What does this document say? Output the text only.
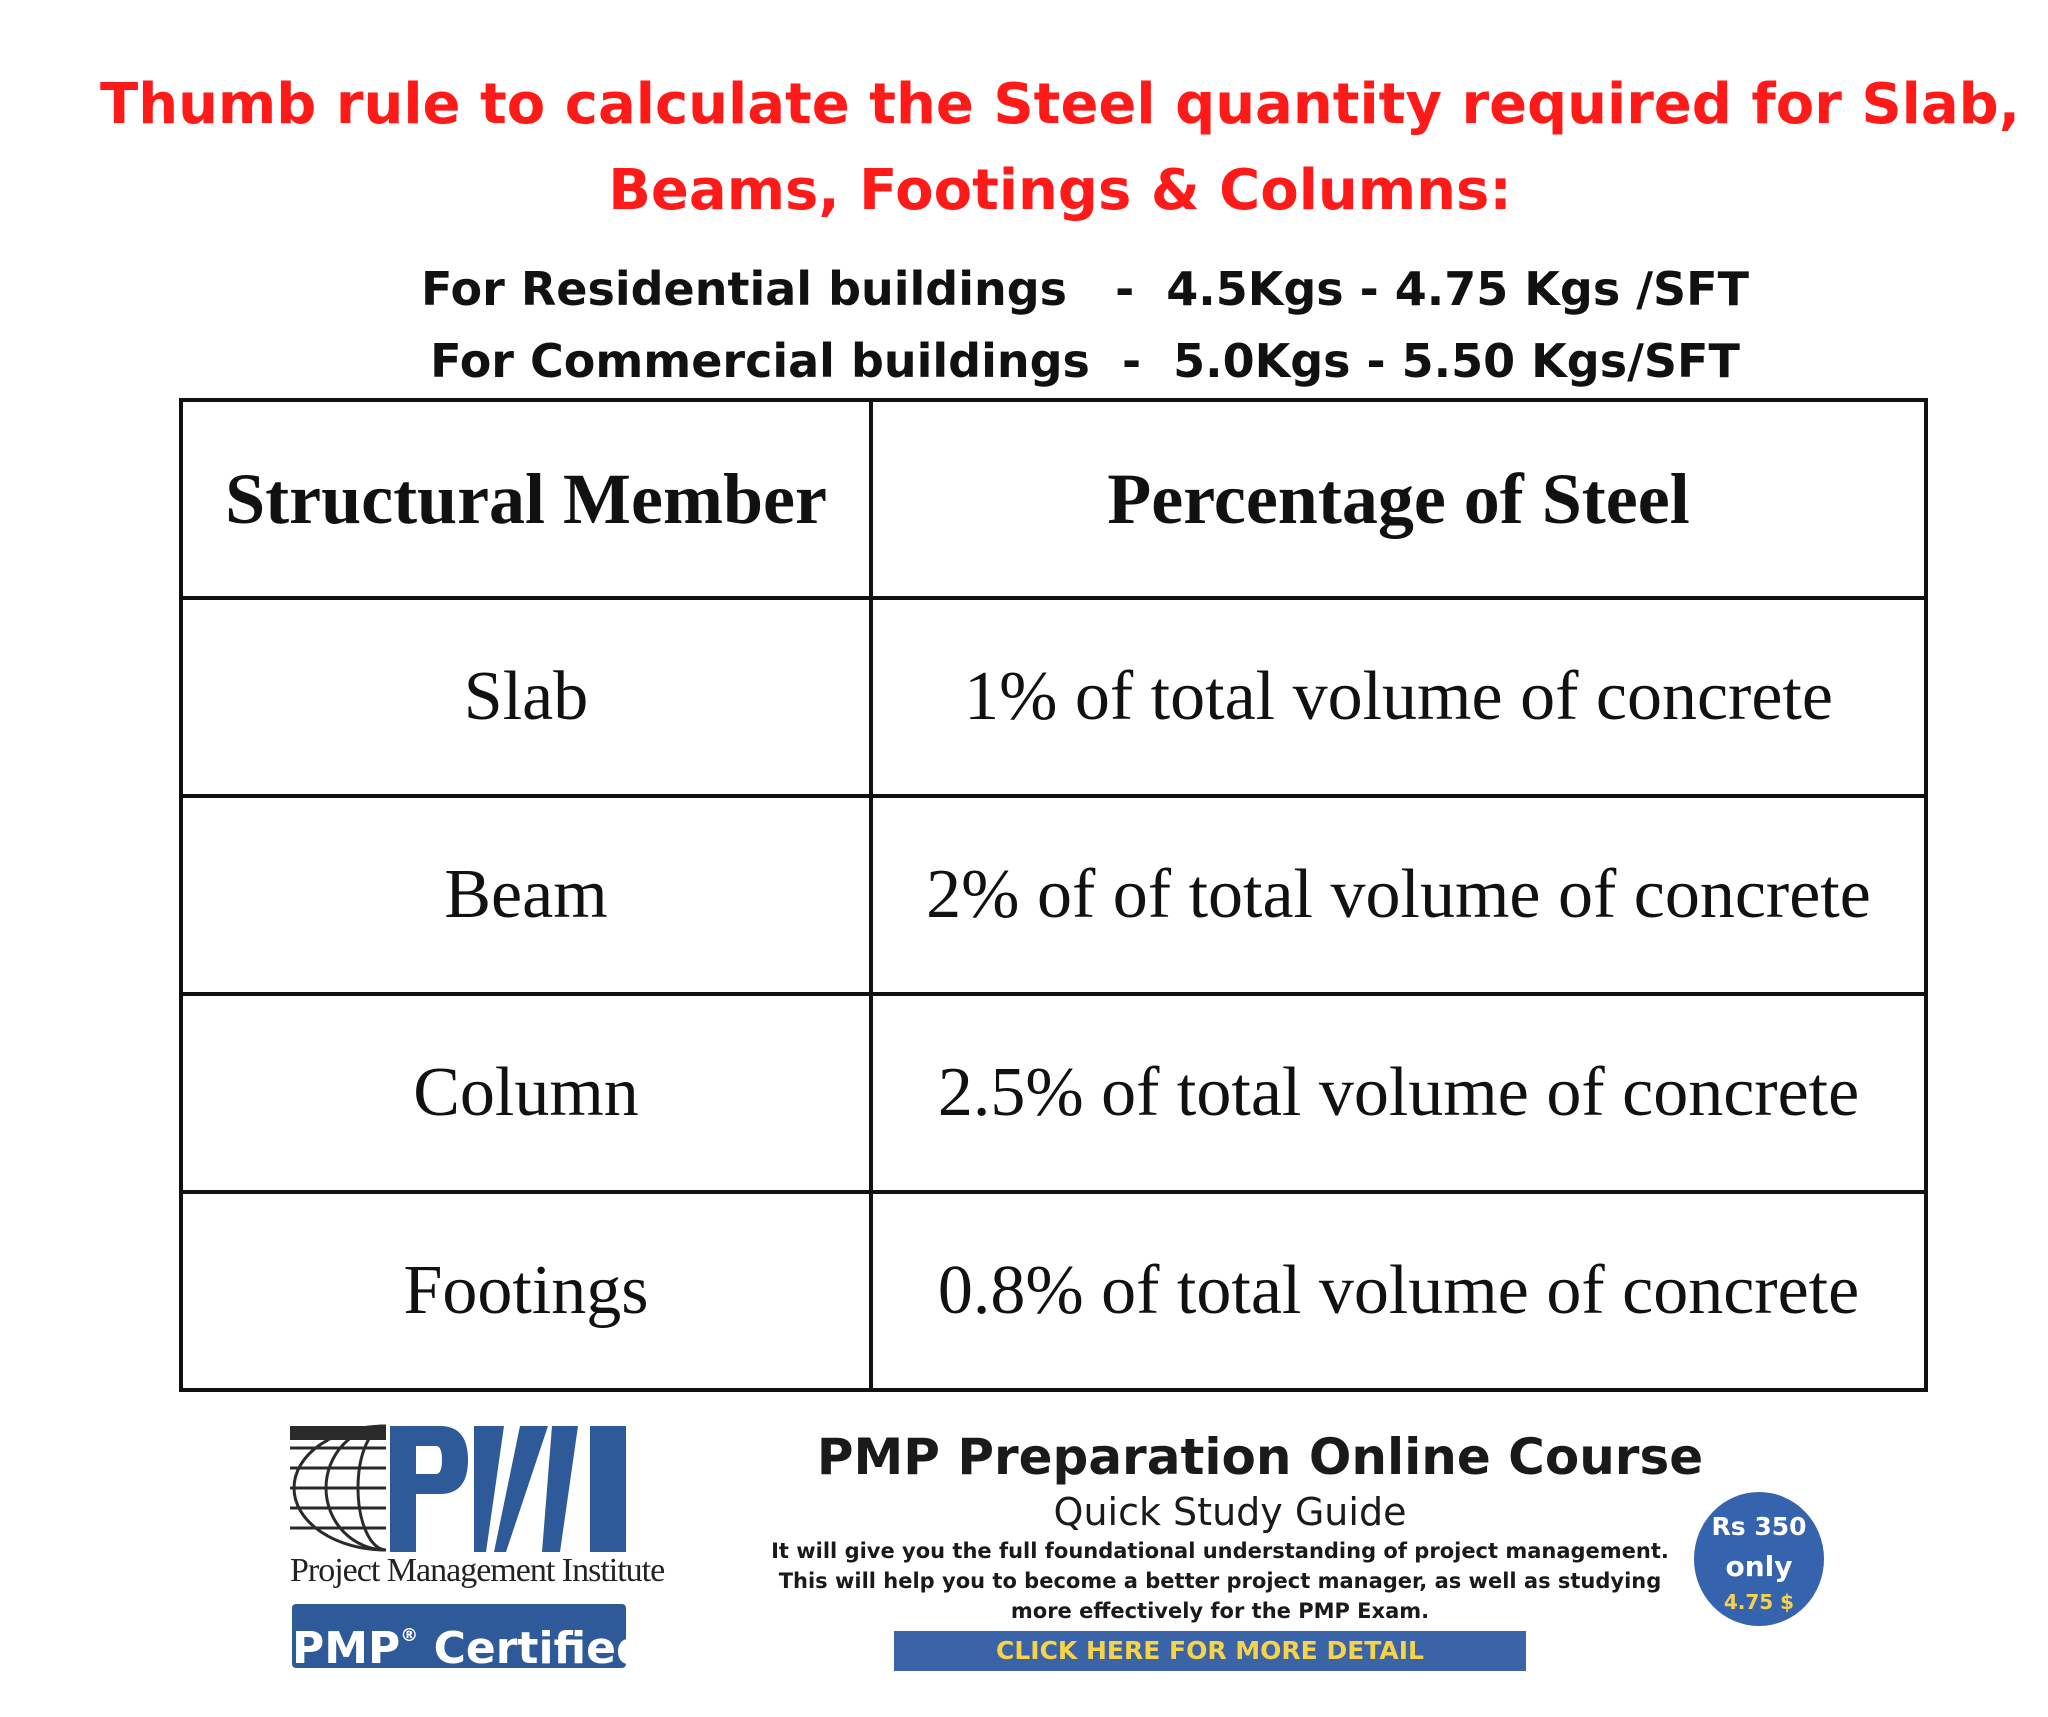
Thumb rule to calculate the Steel quantity required for Slab,
Beams, Footings & Columns:
For Residential buildings   -  4.5Kgs - 4.75 Kgs /SFT
For Commercial buildings  -  5.0Kgs - 5.50 Kgs/SFT
Structural Member	Percentage of Steel
Slab	1% of total volume of concrete
Beam	2% of of total volume of concrete
Column	2.5% of total volume of concrete
Footings	0.8% of total volume of concrete
Project Management Institute
PMP® Certified
PMP Preparation Online Course
Quick Study Guide
It will give you the full foundational understanding of project management.
This will help you to become a better project manager, as well as studying
more effectively for the PMP Exam.
CLICK HERE FOR MORE DETAIL
Rs 350
only
4.75 $
